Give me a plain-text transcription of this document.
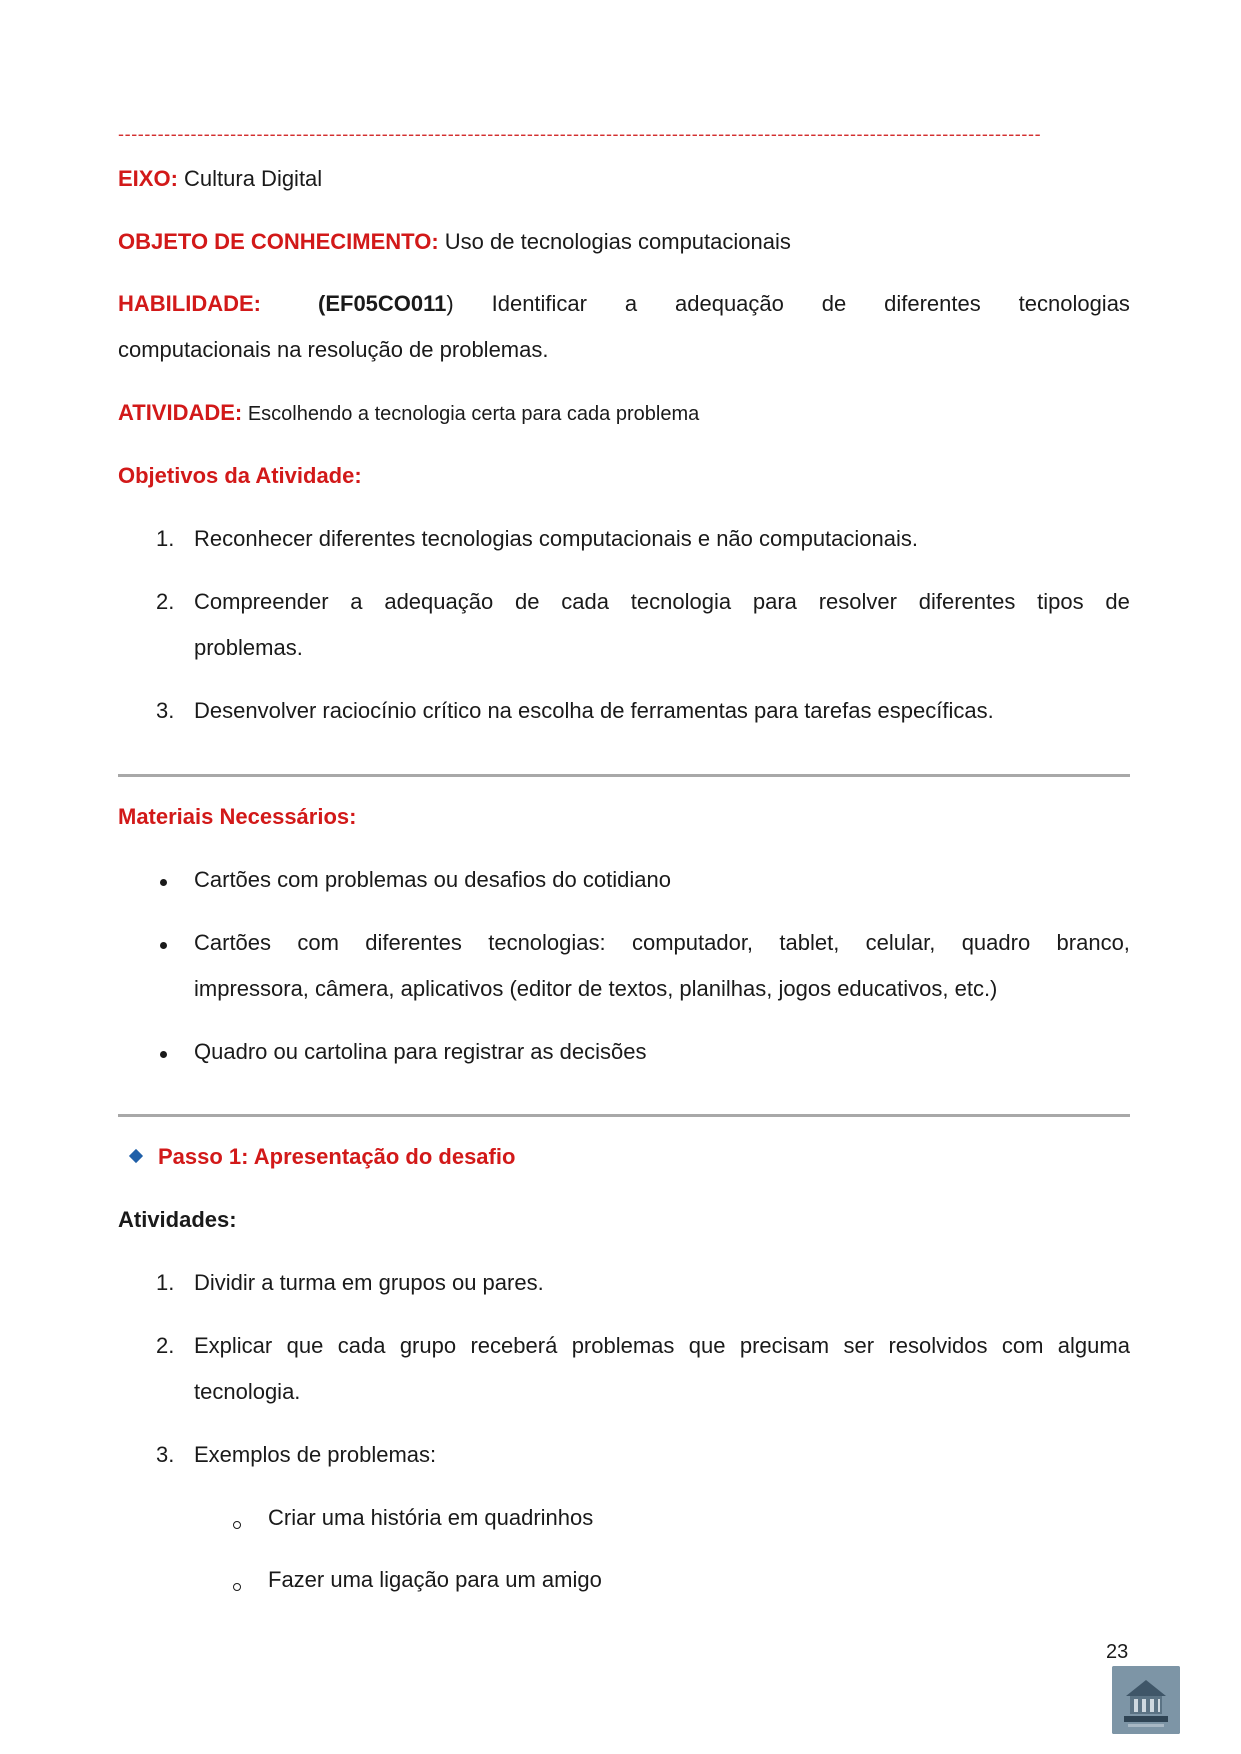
--------------------------------------------------------------------------------------------------------------------------------------------
EIXO: Cultura Digital
OBJETO DE CONHECIMENTO: Uso de tecnologias computacionais
HABILIDADE:	(EF05CO011) Identificar a adequação de diferentes tecnologias
computacionais na resolução de problemas.
ATIVIDADE: Escolhendo a tecnologia certa para cada problema
Objetivos da Atividade:
1. Reconhecer diferentes tecnologias computacionais e não computacionais.
2. Compreender a adequação de cada tecnologia para resolver diferentes tipos de
problemas.
3. Desenvolver raciocínio crítico na escolha de ferramentas para tarefas específicas.
Materiais Necessários:
Cartões com problemas ou desafios do cotidiano
Cartões com diferentes tecnologias: computador, tablet, celular, quadro branco,
impressora, câmera, aplicativos (editor de textos, planilhas, jogos educativos, etc.)
Quadro ou cartolina para registrar as decisões
Passo 1: Apresentação do desafio
Atividades:
1. Dividir a turma em grupos ou pares.
2. Explicar que cada grupo receberá problemas que precisam ser resolvidos com alguma
tecnologia.
3. Exemplos de problemas:
Criar uma história em quadrinhos
Fazer uma ligação para um amigo
23
